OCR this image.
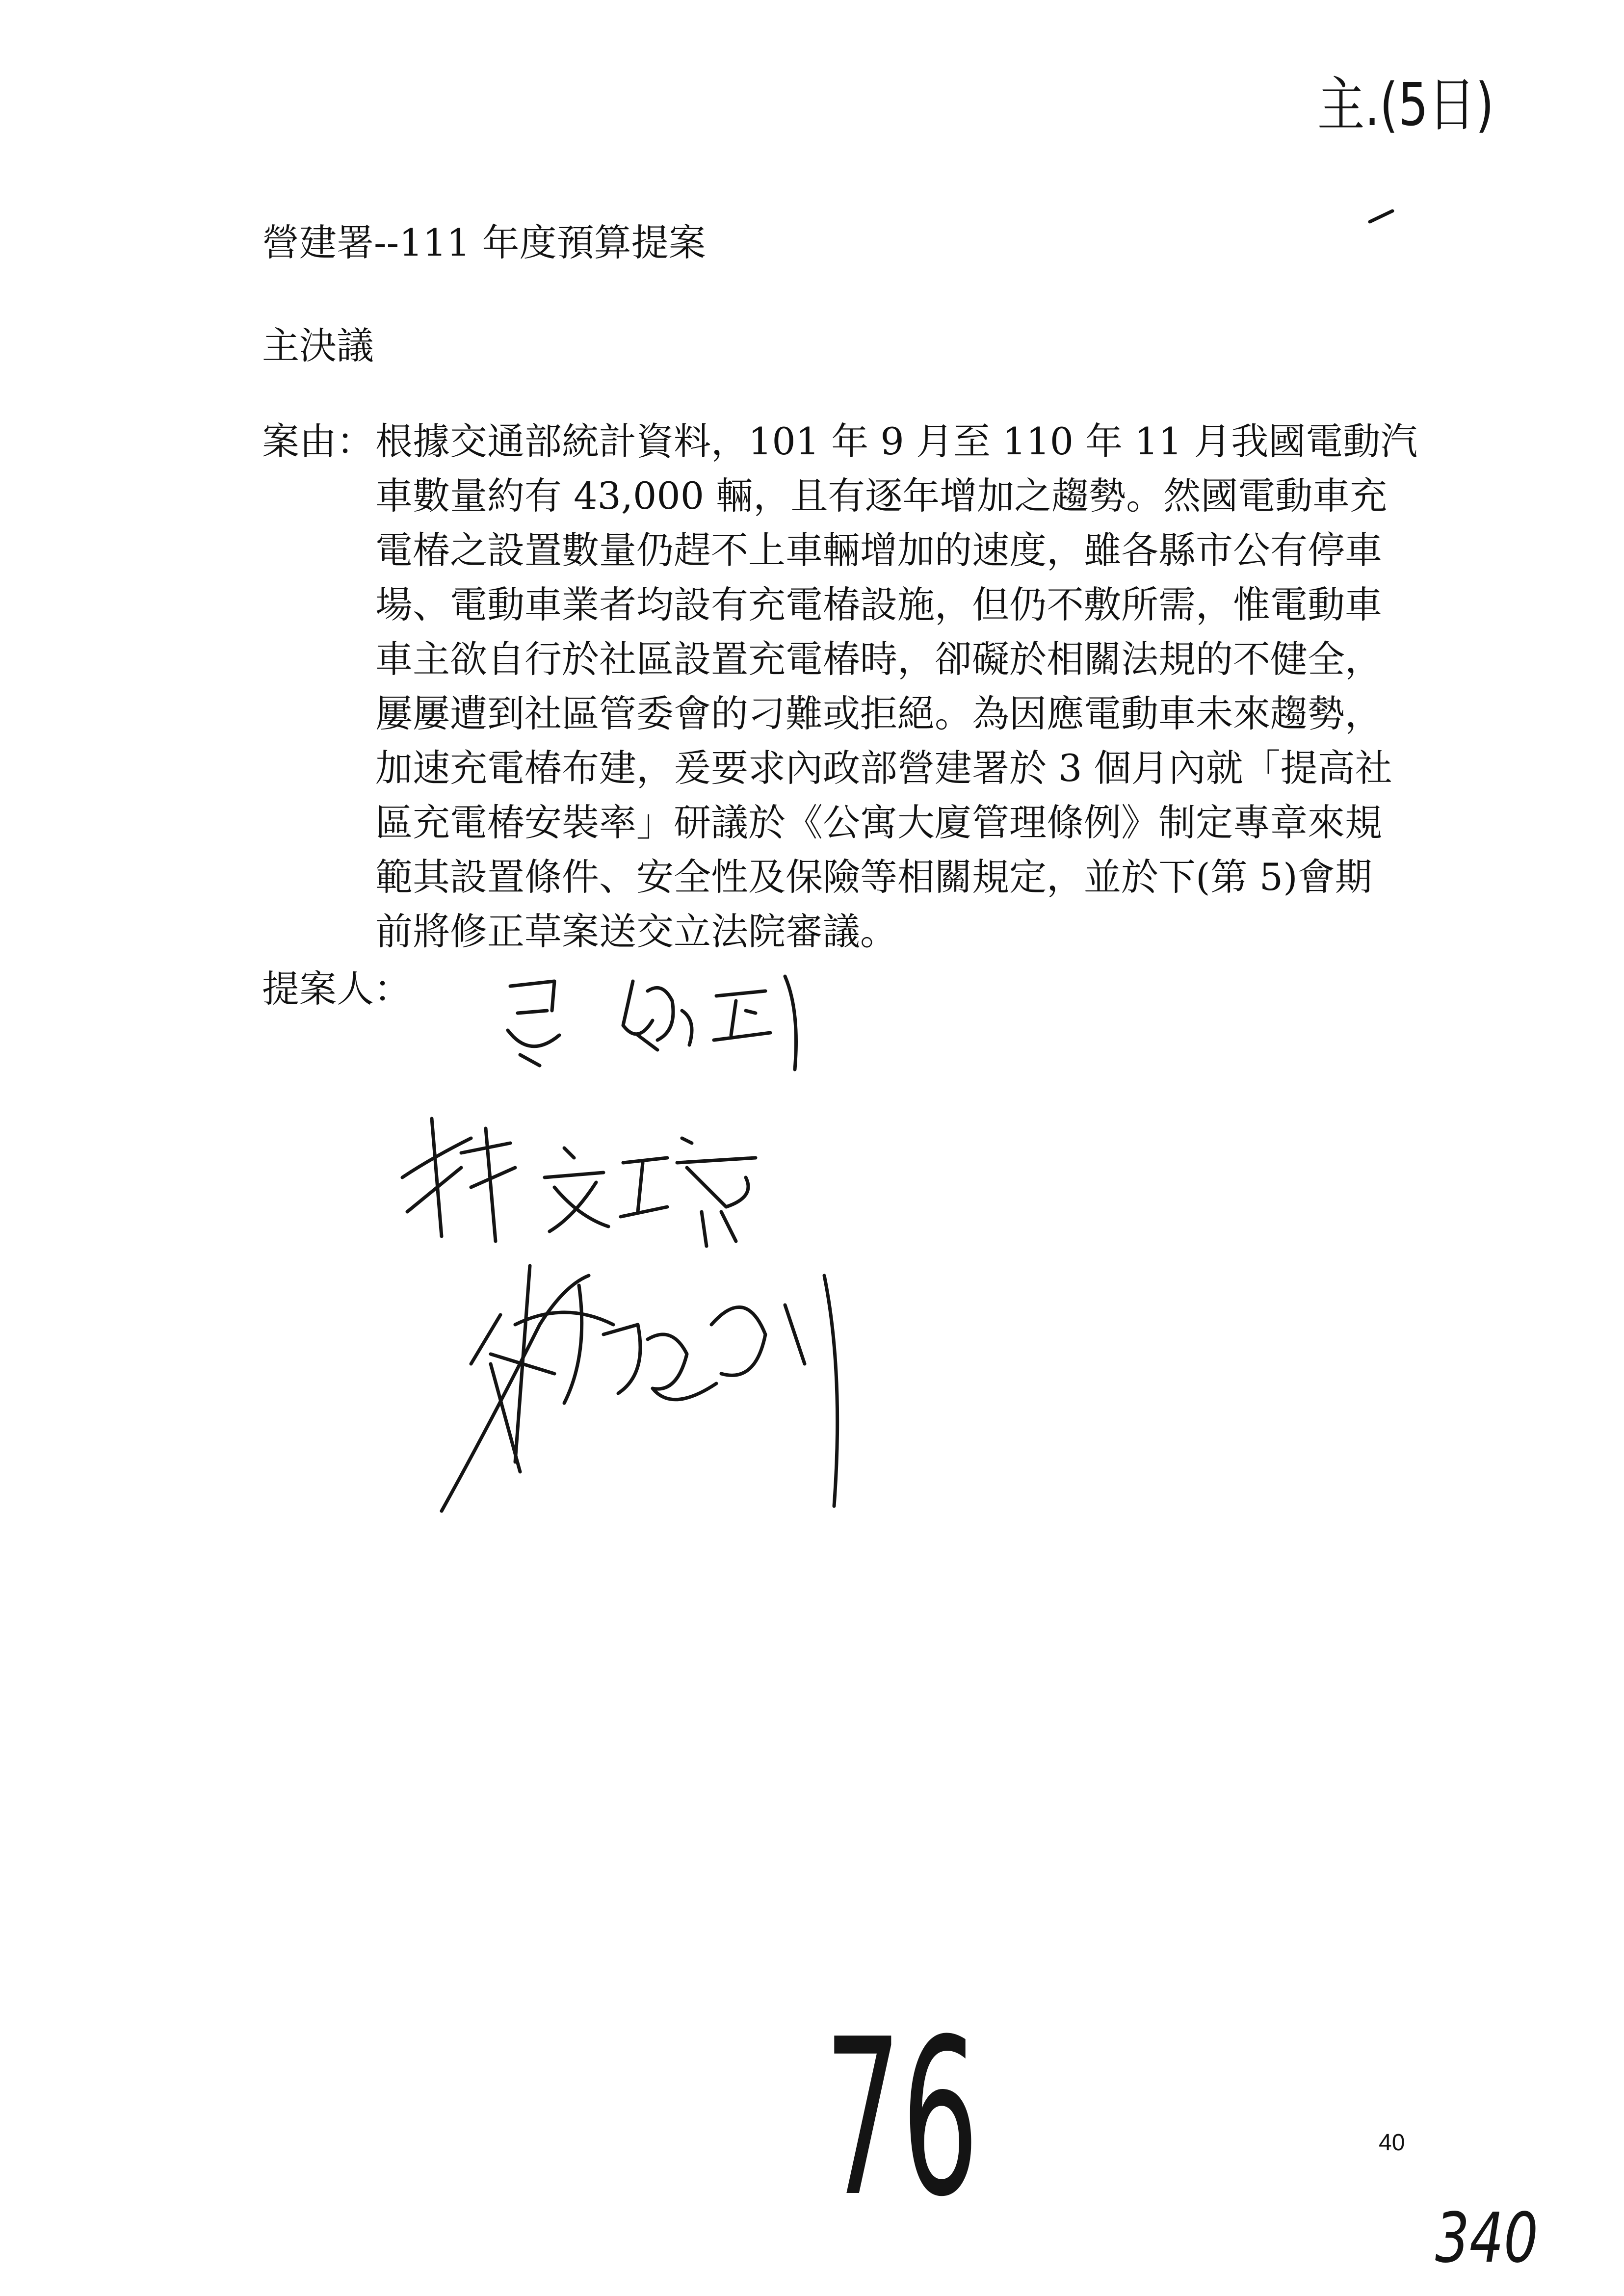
營建署--111 年度預算提案
主決議
案由： 根據交通部統計資料，101 年 9 月至 110 年 11 月我國電動汽
車數量約有 43,000 輛，且有逐年增加之趨勢。然國電動車充
電椿之設置數量仍趕不上車輛增加的速度，雖各縣市公有停車
場、電動車業者均設有充電椿設施，但仍不敷所需，惟電動車
車主欲自行於社區設置充電椿時，卻礙於相關法規的不健全，
屢屢遭到社區管委會的刁難或拒絕。為因應電動車未來趨勢，
加速充電椿布建，爰要求內政部營建署於 3 個月內就「提高社
區充電椿安裝率」研議於《公寓大廈管理條例》制定專章來規
範其設置條件、安全性及保險等相關規定，並於下(第 5)會期
前將修正草案送交立法院審議。
提案人：
主.(5日)
76	40
340
